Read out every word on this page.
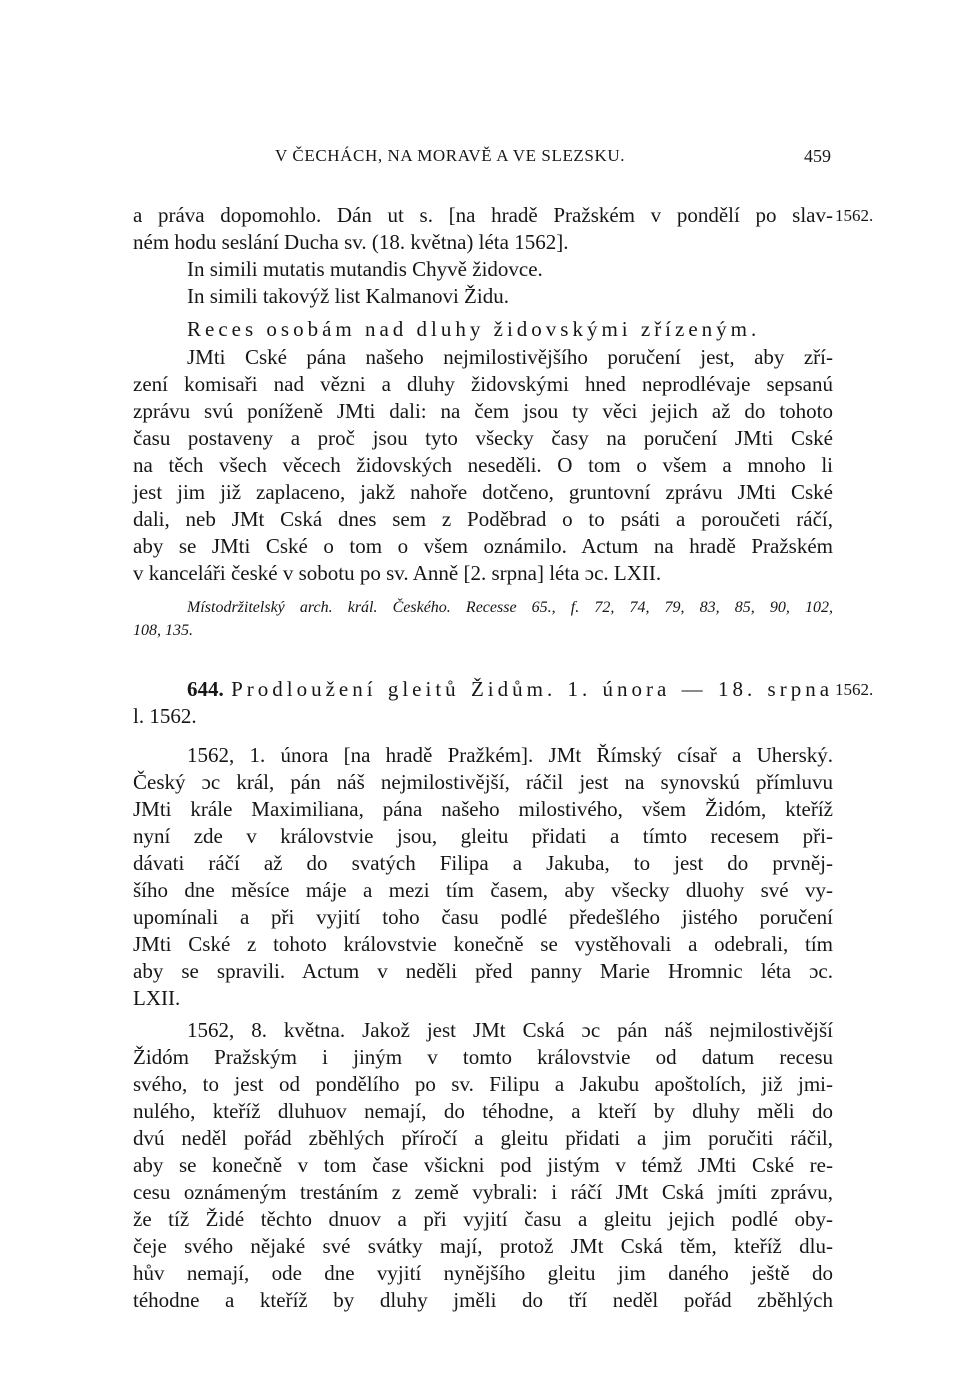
V ČECHÁCH, NA MORAVĚ A VE SLEZSKU.	459
1562.
1562.
a práva dopomohlo. Dán ut s. [na hradě Pražském v pondělí po slav-
ném hodu seslání Ducha sv. (18. května) léta 1562].
In simili mutatis mutandis Chyvě židovce.
In simili takovýž list Kalmanovi Židu.
Reces osobám nad dluhy židovskými zřízeným.
JMti Cské pána našeho nejmilostivějšího poručení jest, aby zří-
zení komisaři nad vězni a dluhy židovskými hned neprodlévaje sepsanú
zprávu svú poníženě JMti dali: na čem jsou ty věci jejich až do tohoto
času postaveny a proč jsou tyto všecky časy na poručení JMti Cské
na těch všech věcech židovských neseděli. O tom o všem a mnoho li
jest jim již zaplaceno, jakž nahoře dotčeno, gruntovní zprávu JMti Cské
dali, neb JMt Cská dnes sem z Poděbrad o to psáti a poroučeti ráčí,
aby se JMti Cské o tom o všem oznámilo. Actum na hradě Pražském
v kanceláři české v sobotu po sv. Anně [2. srpna] léta ɔc. LXII.
Místodržitelský arch. král. Českého. Recesse 65., f. 72, 74, 79, 83, 85, 90, 102,
108, 135.
644. Prodloužení gleitů Židům. 1. února — 18. srpna
l. 1562.
1562, 1. února [na hradě Pražkém]. JMt Římský císař a Uherský.
Český ɔc král, pán náš nejmilostivější, ráčil jest na synovskú přímluvu
JMti krále Maximiliana, pána našeho milostivého, všem Židóm, kteříž
nyní zde v královstvie jsou, gleitu přidati a tímto recesem při-
dávati ráčí až do svatých Filipa a Jakuba, to jest do prvněj-
šího dne měsíce máje a mezi tím časem, aby všecky dluohy své vy-
upomínali a při vyjití toho času podlé předešlého jistého poručení
JMti Cské z tohoto královstvie konečně se vystěhovali a odebrali, tím
aby se spravili. Actum v neděli před panny Marie Hromnic léta ɔc.
LXII.
1562, 8. května. Jakož jest JMt Cská ɔc pán náš nejmilostivější
Židóm Pražským i jiným v tomto královstvie od datum recesu
svého, to jest od pondělího po sv. Filipu a Jakubu apoštolích, již jmi-
nulého, kteříž dluhuov nemají, do téhodne, a kteří by dluhy měli do
dvú neděl pořád zběhlých příročí a gleitu přidati a jim poručiti ráčil,
aby se konečně v tom čase všickni pod jistým v témž JMti Cské re-
cesu oznámeným trestáním z země vybrali: i ráčí JMt Cská jmíti zprávu,
že tíž Židé těchto dnuov a při vyjití času a gleitu jejich podlé oby-
čeje svého nějaké své svátky mají, protož JMt Cská těm, kteříž dlu-
hův nemají, ode dne vyjití nynějšího gleitu jim daného ještě do
téhodne a kteříž by dluhy jměli do tří neděl pořád zběhlých
